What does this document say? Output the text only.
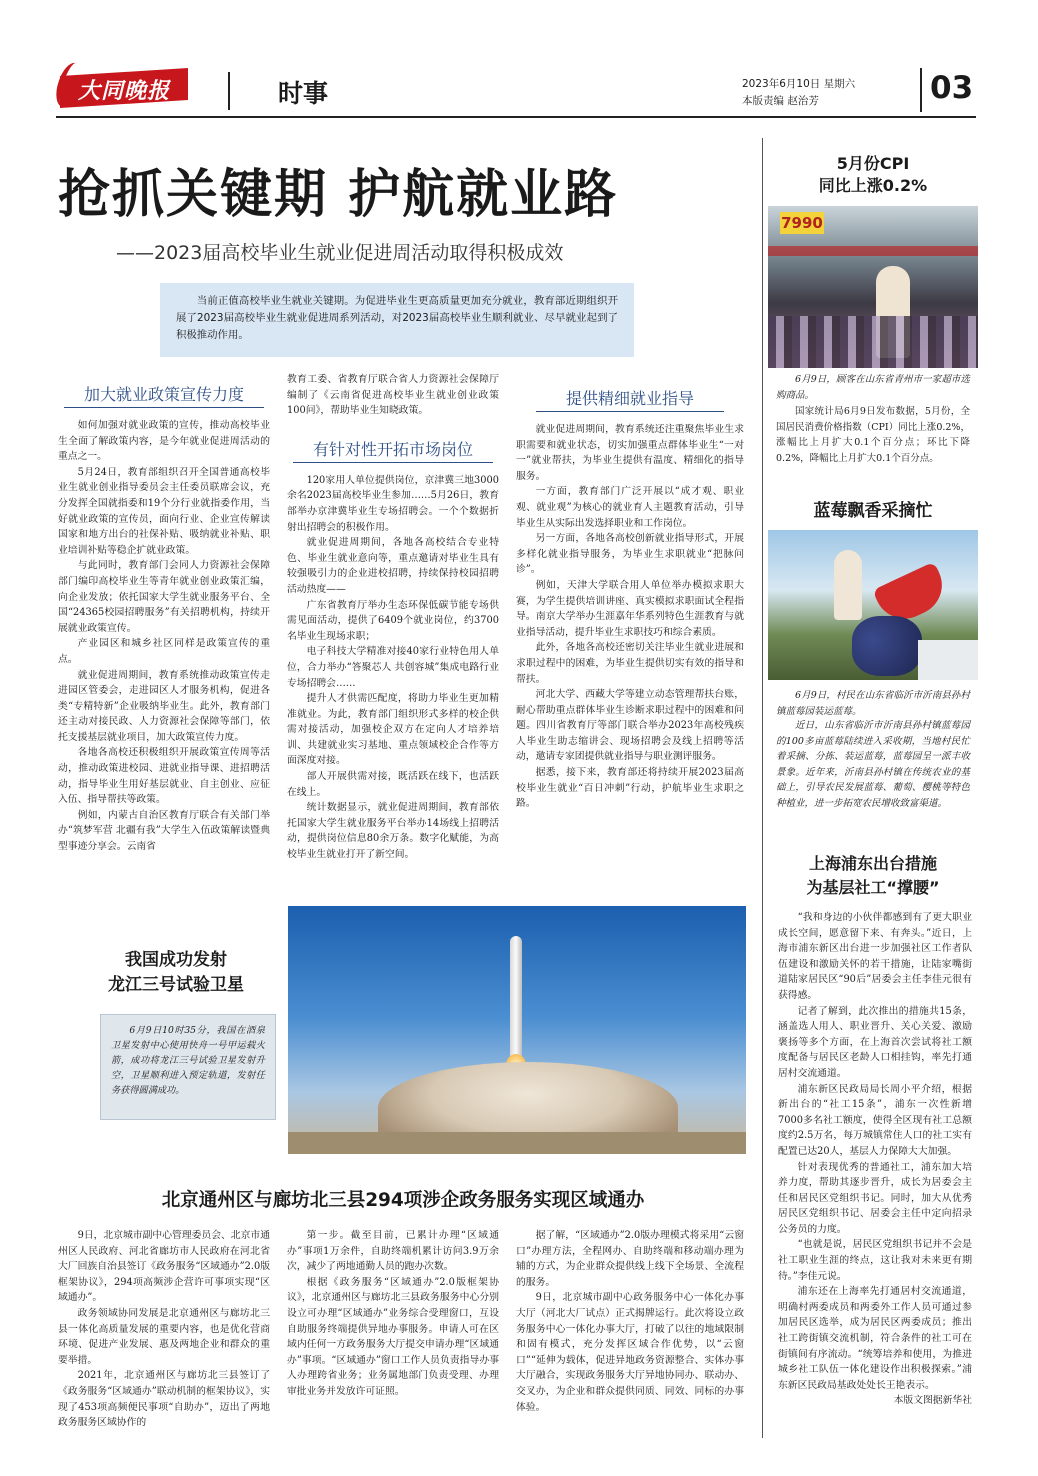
大同晚报	时事	2023年6月10日 星期六
本版责编 赵治芳	03
抢抓关键期 护航就业路
——2023届高校毕业生就业促进周活动取得积极成效
当前正值高校毕业生就业关键期。为促进毕业生更高质量更加充分就业，教育部近期组织开展了2023届高校毕业生就业促进周系列活动，对2023届高校毕业生顺利就业、尽早就业起到了积极推动作用。
加大就业政策宣传力度
如何加强对就业政策的宣传，推动高校毕业生全面了解政策内容，是今年就业促进周活动的重点之一。
5月24日，教育部组织召开全国普通高校毕业生就业创业指导委员会主任委员联席会议，充分发挥全国就指委和19个分行业就指委作用，当好就业政策的宣传员，面向行业、企业宣传解读国家和地方出台的社保补贴、吸纳就业补贴、职业培训补贴等稳企扩就业政策。
与此同时，教育部门会同人力资源社会保障部门编印高校毕业生等青年就业创业政策汇编，向企业发放；依托国家大学生就业服务平台、全国“24365校园招聘服务”有关招聘机构，持续开展就业政策宣传。
产业园区和城乡社区同样是政策宣传的重点。
就业促进周期间，教育系统推动政策宣传走进园区管委会，走进园区人才服务机构，促进各类“专精特新”企业吸纳毕业生。此外，教育部门还主动对接民政、人力资源社会保障等部门，依托支援基层就业项目，加大政策宣传力度。
各地各高校还积极组织开展政策宣传周等活动，推动政策进校园、进就业指导课、进招聘活动，指导毕业生用好基层就业、自主创业、应征入伍、指导帮扶等政策。
例如，内蒙古自治区教育厅联合有关部门举办“筑梦军营 北疆有我”大学生入伍政策解读暨典型事迹分享会。云南省
教育工委、省教育厅联合省人力资源社会保障厅编制了《云南省促进高校毕业生就业创业政策100问》，帮助毕业生知晓政策。
有针对性开拓市场岗位
120家用人单位提供岗位，京津冀三地3000余名2023届高校毕业生参加……5月26日，教育部举办京津冀毕业生专场招聘会。一个个数据折射出招聘会的积极作用。
就业促进周期间，各地各高校结合专业特色、毕业生就业意向等，重点邀请对毕业生具有较强吸引力的企业进校招聘，持续保持校园招聘活动热度——
广东省教育厅举办生态环保低碳节能专场供需见面活动，提供了6409个就业岗位，约3700名毕业生现场求职；
电子科技大学精准对接40家行业特色用人单位，合力举办“答聚芯人 共创容城”集成电路行业专场招聘会……
提升人才供需匹配度，将助力毕业生更加精准就业。为此，教育部门组织形式多样的校企供需对接活动，加强校企双方在定向人才培养培训、共建就业实习基地、重点领域校企合作等方面深度对接。
部人开展供需对接，既活跃在线下，也活跃在线上。
统计数据显示，就业促进周期间，教育部依托国家大学生就业服务平台举办14场线上招聘活动，提供岗位信息80余万条。数字化赋能，为高校毕业生就业打开了新空间。
提供精细就业指导
就业促进周期间，教育系统还注重聚焦毕业生求职需要和就业状态，切实加强重点群体毕业生“一对一”就业帮扶，为毕业生提供有温度、精细化的指导服务。
一方面，教育部门广泛开展以“成才观、职业观、就业观”为核心的就业育人主题教育活动，引导毕业生从实际出发选择职业和工作岗位。
另一方面，各地各高校创新就业指导形式，开展多样化就业指导服务，为毕业生求职就业“把脉问诊”。
例如，天津大学联合用人单位举办模拟求职大赛，为学生提供培训讲座、真实模拟求职面试全程指导。南京大学举办生涯嘉年华系列特色生涯教育与就业指导活动，提升毕业生求职技巧和综合素质。
此外，各地各高校还密切关注毕业生就业进展和求职过程中的困难，为毕业生提供切实有效的指导和帮扶。
河北大学、西藏大学等建立动态管理帮扶台账，耐心帮助重点群体毕业生诊断求职过程中的困难和问题。四川省教育厅等部门联合举办2023年高校残疾人毕业生助志缩讲会、现场招聘会及线上招聘等活动，邀请专家团提供就业指导与职业测评服务。
据悉，接下来，教育部还将持续开展2023届高校毕业生就业“百日冲刺”行动，护航毕业生求职之路。
5月份CPI
同比上涨0.2%
7990
6月9日，顾客在山东省青州市一家超市选购商品。
国家统计局6月9日发布数据，5月份，全国居民消费价格指数（CPI）同比上涨0.2%，涨幅比上月扩大0.1个百分点；环比下降0.2%，降幅比上月扩大0.1个百分点。
蓝莓飘香采摘忙
6月9日，村民在山东省临沂市沂南县孙村镇蓝莓园装运蓝莓。
近日，山东省临沂市沂南县孙村镇蓝莓园的100多亩蓝莓陆续进入采收期，当地村民忙着采摘、分拣、装运蓝莓，蓝莓园呈一派丰收景象。近年来，沂南县孙村镇在传统农业的基础上，引导农民发展蓝莓、葡萄、樱桃等特色种植业，进一步拓宽农民增收致富渠道。
上海浦东出台措施
为基层社工“撑腰”
“我和身边的小伙伴都感到有了更大职业成长空间，愿意留下来、有奔头。”近日，上海市浦东新区出台进一步加强社区工作者队伍建设和激励关怀的若干措施，让陆家嘴街道陆家居民区“90后”居委会主任李佳元很有获得感。
记者了解到，此次推出的措施共15条，涵盖选人用人、职业晋升、关心关爱、激励褒扬等多个方面，在上海首次尝试将社工额度配备与居民区老龄人口相挂钩，率先打通居村交流通道。
浦东新区民政局局长周小平介绍，根据新出台的“社工15条”，浦东一次性新增7000多名社工额度，使得全区现有社工总额度约2.5万名，每万城镇常住人口的社工实有配置已达20人，基层人力保障大大加强。
针对表现优秀的普通社工，浦东加大培养力度，帮助其逐步晋升，成长为居委会主任和居民区党组织书记。同时，加大从优秀居民区党组织书记、居委会主任中定向招录公务员的力度。
“也就是说，居民区党组织书记并不会是社工职业生涯的终点，这让我对未来更有期待。”李佳元说。
浦东还在上海率先打通居村交流通道，明确村两委成员和两委外工作人员可通过参加居民区选举，成为居民区两委成员；推出社工跨街镇交流机制，符合条件的社工可在街镇间有序流动。“统筹培养和使用，为推进城乡社工队伍一体化建设作出积极探索。”浦东新区民政局基政处处长王艳表示。
本版文图据新华社
我国成功发射
龙江三号试验卫星
6月9日10时35分，我国在酒泉卫星发射中心使用快舟一号甲运载火箭，成功将龙江三号试验卫星发射升空，卫星顺利进入预定轨道，发射任务获得圆满成功。
北京通州区与廊坊北三县294项涉企政务服务实现区域通办
9日，北京城市副中心管理委员会、北京市通州区人民政府、河北省廊坊市人民政府在河北省大厂回族自治县签订《政务服务“区域通办”2.0版框架协议》，294项高频涉企营许可事项实现“区域通办”。
政务领域协同发展是北京通州区与廊坊北三县一体化高质量发展的重要内容，也是优化营商环境、促进产业发展、惠及两地企业和群众的重要举措。
2021年，北京通州区与廊坊北三县签订了《政务服务“区域通办”联动机制的框架协议》，实现了453项高频便民事项“自助办”，迈出了两地政务服务区域协作的
第一步。截至目前，已累计办理“区域通办”事项1万余件，自助终端机累计访问3.9万余次，减少了两地通勤人员的跑办次数。
根据《政务服务“区域通办”2.0版框架协议》，北京通州区与廊坊北三县政务服务中心分别设立可办理“区域通办”业务综合受理窗口，互设自助服务终端提供异地办事服务。申请人可在区域内任何一方政务服务大厅提交申请办理“区域通办”事项。“区域通办”窗口工作人员负责指导办事人办理跨省业务；业务属地部门负责受理、办理审批业务并发放许可证照。
据了解，“区域通办”2.0版办理模式将采用“云窗口”办理方法，全程网办、自助终端和移动端办理为辅的方式，为企业群众提供线上线下全场景、全流程的服务。
9日，北京城市副中心政务服务中心一体化办事大厅（河北大厂试点）正式揭牌运行。此次将设立政务服务中心一体化办事大厅，打破了以往的地域限制和固有模式，充分发挥区域合作优势，以“云窗口”“延伸为载体，促进异地政务资源整合、实体办事大厅融合，实现政务服务大厅异地协同办、联动办、交叉办，为企业和群众提供同质、同效、同标的办事体验。
